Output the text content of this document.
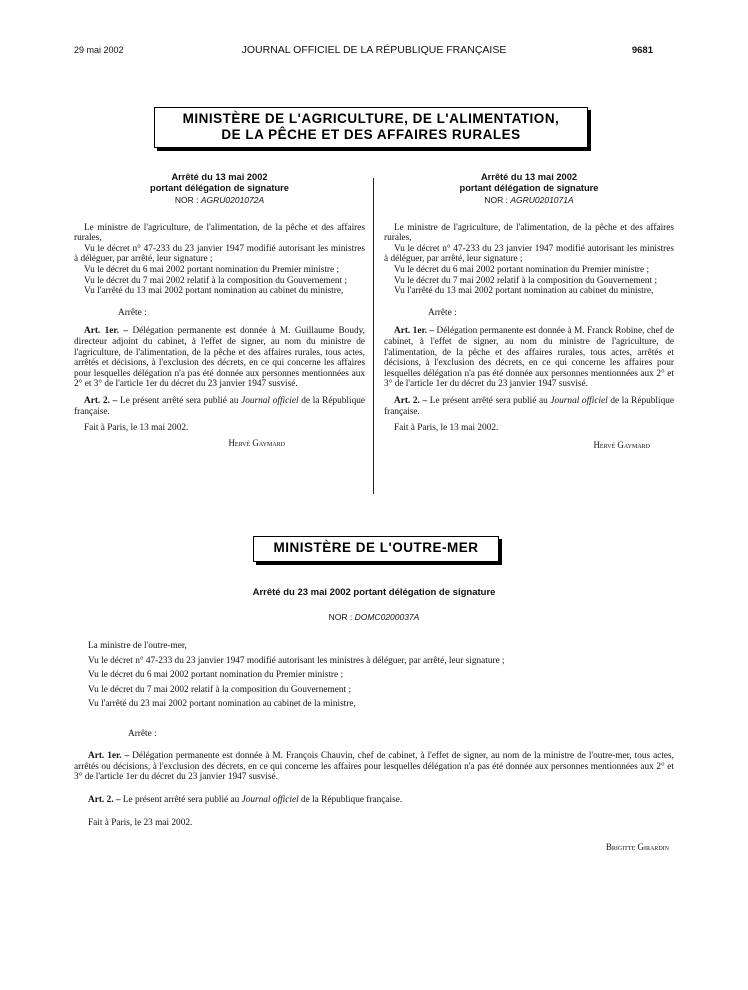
29 mai 2002	JOURNAL OFFICIEL DE LA RÉPUBLIQUE FRANÇAISE	9681
MINISTÈRE DE L'AGRICULTURE, DE L'ALIMENTATION,
DE LA PÊCHE ET DES AFFAIRES RURALES
Arrêté du 13 mai 2002
portant délégation de signature
NOR : AGRU0201072A

Le ministre de l'agriculture, de l'alimentation, de la pêche et des affaires rurales,

Vu le décret n° 47-233 du 23 janvier 1947 modifié autorisant les ministres à déléguer, par arrêté, leur signature ;

Vu le décret du 6 mai 2002 portant nomination du Premier ministre ;

Vu le décret du 7 mai 2002 relatif à la composition du Gouvernement ;

Vu l'arrêté du 13 mai 2002 portant nomination au cabinet du ministre,

Arrête :

Art. 1er. – Délégation permanente est donnée à M. Guillaume Boudy, directeur adjoint du cabinet, à l'effet de signer, au nom du ministre de l'agriculture, de l'alimentation, de la pêche et des affaires rurales, tous actes, arrêtés et décisions, à l'exclusion des décrets, en ce qui concerne les affaires pour lesquelles délégation n'a pas été donnée aux personnes mentionnées aux 2° et 3° de l'article 1er du décret du 23 janvier 1947 susvisé.

Art. 2. – Le présent arrêté sera publié au Journal officiel de la République française.

Fait à Paris, le 13 mai 2002.

Hervé Gaymard

Arrêté du 13 mai 2002
portant délégation de signature
NOR : AGRU0201071A

Le ministre de l'agriculture, de l'alimentation, de la pêche et des affaires rurales,

Vu le décret n° 47-233 du 23 janvier 1947 modifié autorisant les ministres à déléguer, par arrêté, leur signature ;

Vu le décret du 6 mai 2002 portant nomination du Premier ministre ;

Vu le décret du 7 mai 2002 relatif à la composition du Gouvernement ;

Vu l'arrêté du 13 mai 2002 portant nomination au cabinet du ministre,

Arrête :

Art. 1er. – Délégation permanente est donnée à M. Franck Robine, chef de cabinet, à l'effet de signer, au nom du ministre de l'agriculture, de l'alimentation, de la pêche et des affaires rurales, tous actes, arrêtés et décisions, à l'exclusion des décrets, en ce qui concerne les affaires pour lesquelles délégation n'a pas été donnée aux personnes mentionnées aux 2° et 3° de l'article 1er du décret du 23 janvier 1947 susvisé.

Art. 2. – Le présent arrêté sera publié au Journal officiel de la République française.

Fait à Paris, le 13 mai 2002.

Hervé Gaymard

MINISTÈRE DE L'OUTRE-MER
Arrêté du 23 mai 2002 portant délégation de signature
NOR : DOMC0200037A

La ministre de l'outre-mer,

Vu le décret n° 47-233 du 23 janvier 1947 modifié autorisant les ministres à déléguer, par arrêté, leur signature ;

Vu le décret du 6 mai 2002 portant nomination du Premier ministre ;

Vu le décret du 7 mai 2002 relatif à la composition du Gouvernement ;

Vu l'arrêté du 23 mai 2002 portant nomination au cabinet de la ministre,

Arrête :

Art. 1er. – Délégation permanente est donnée à M. François Chauvin, chef de cabinet, à l'effet de signer, au nom de la ministre de l'outre-mer, tous actes, arrêtés ou décisions, à l'exclusion des décrets, en ce qui concerne les affaires pour lesquelles délégation n'a pas été donnée aux personnes mentionnées aux 2° et 3° de l'article 1er du décret du 23 janvier 1947 susvisé.

Art. 2. – Le présent arrêté sera publié au Journal officiel de la République française.

Fait à Paris, le 23 mai 2002.

Brigitte Girardin
